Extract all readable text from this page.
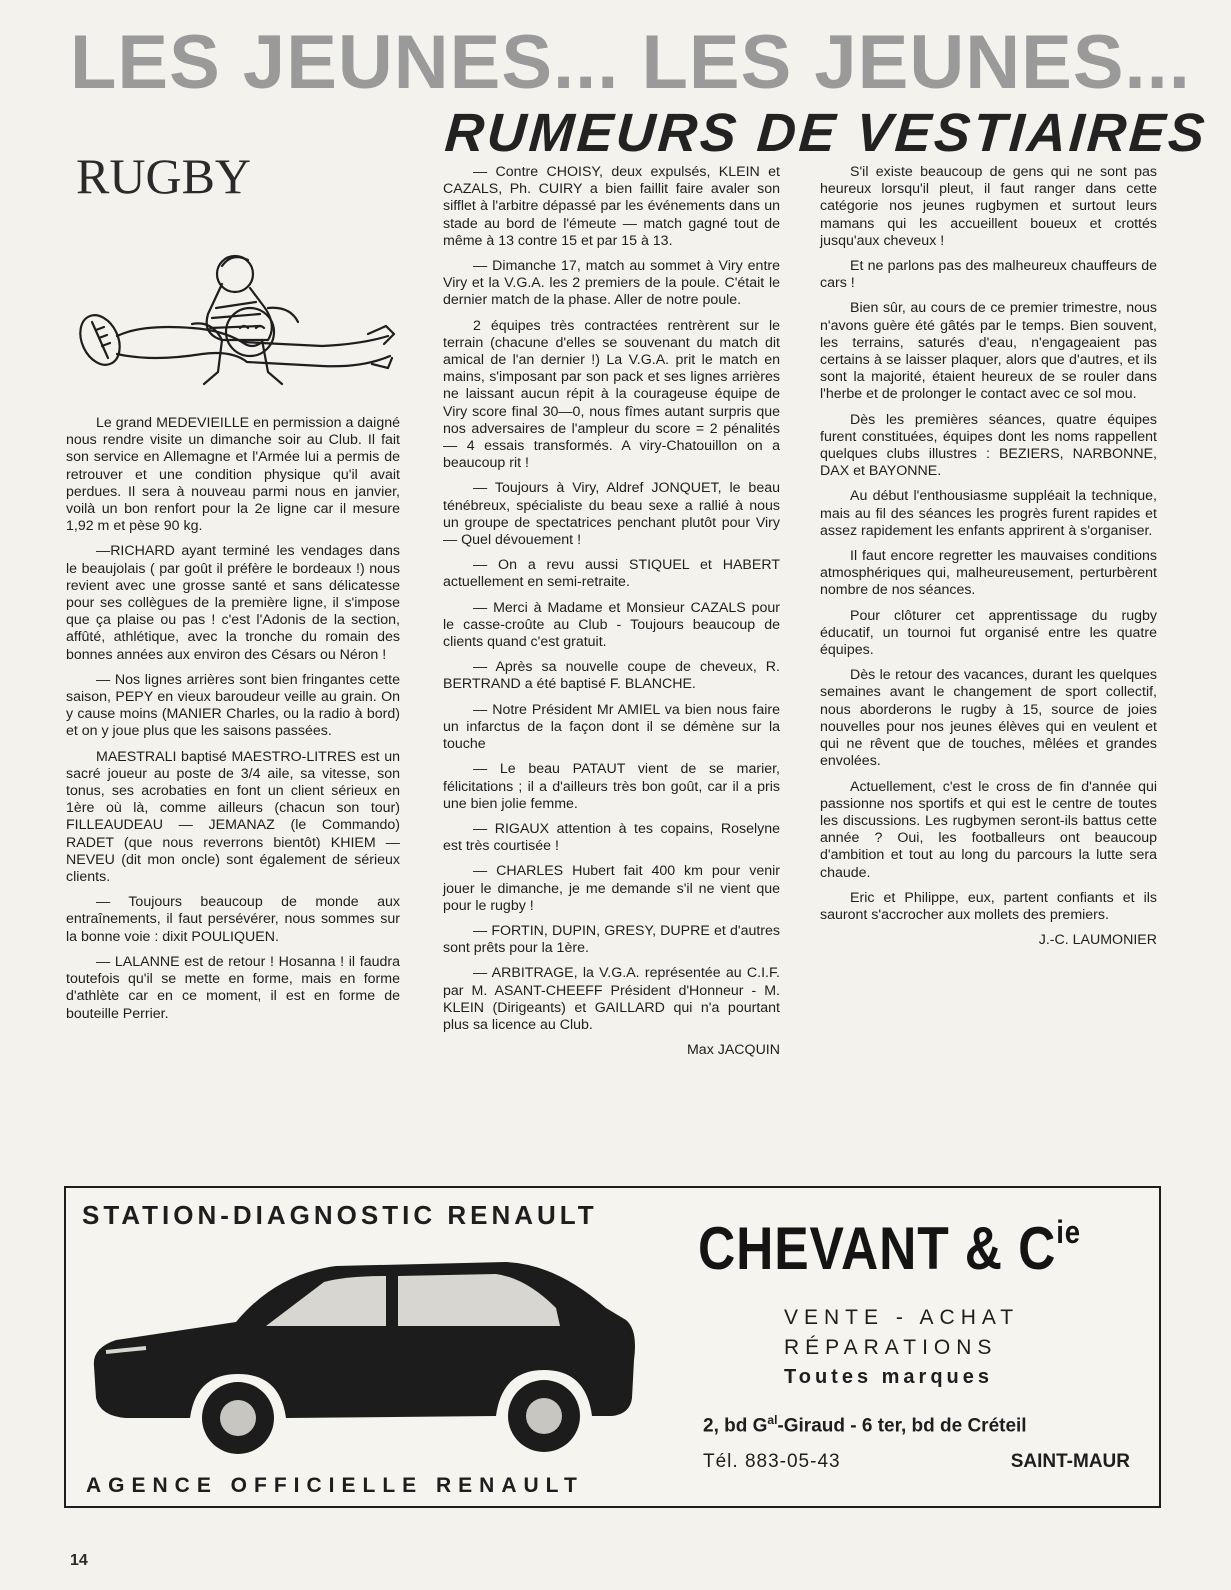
LES JEUNES... LES JEUNES...
RUMEURS DE VESTIAIRES
RUGBY

Le grand MEDEVIEILLE en permission a daigné nous rendre visite un dimanche soir au Club. Il fait son service en Allemagne et l'Armée lui a permis de retrouver et une condition physique qu'il avait perdues. Il sera à nouveau parmi nous en janvier, voilà un bon renfort pour la 2e ligne car il mesure 1,92 m et pèse 90 kg.

—RICHARD ayant terminé les vendages dans le beaujolais ( par goût il préfère le bordeaux !) nous revient avec une grosse santé et sans délicatesse pour ses collègues de la première ligne, il s'impose que ça plaise ou pas ! c'est l'Adonis de la section, affûté, athlétique, avec la tronche du romain des bonnes années aux environ des Césars ou Néron !

— Nos lignes arrières sont bien fringantes cette saison, PEPY en vieux baroudeur veille au grain. On y cause moins (MANIER Charles, ou la radio à bord) et on y joue plus que les saisons passées.

MAESTRALI baptisé MAESTRO-LITRES est un sacré joueur au poste de 3/4 aile, sa vitesse, son tonus, ses acrobaties en font un client sérieux en 1ère où là, comme ailleurs (chacun son tour) FILLEAUDEAU — JEMANAZ (le Commando) RADET (que nous reverrons bientôt) KHIEM — NEVEU (dit mon oncle) sont également de sérieux clients.

— Toujours beaucoup de monde aux entraînements, il faut persévérer, nous sommes sur la bonne voie : dixit POULIQUEN.

— LALANNE est de retour ! Hosanna ! il faudra toutefois qu'il se mette en forme, mais en forme d'athlète car en ce moment, il est en forme de bouteille Perrier.

— Contre CHOISY, deux expulsés, KLEIN et CAZALS, Ph. CUIRY a bien faillit faire avaler son sifflet à l'arbitre dépassé par les événements dans un stade au bord de l'émeute — match gagné tout de même à 13 contre 15 et par 15 à 13.

— Dimanche 17, match au sommet à Viry entre Viry et la V.G.A. les 2 premiers de la poule. C'était le dernier match de la phase. Aller de notre poule.

2 équipes très contractées rentrèrent sur le terrain (chacune d'elles se souvenant du match dit amical de l'an dernier !) La V.G.A. prit le match en mains, s'imposant par son pack et ses lignes arrières ne laissant aucun répit à la courageuse équipe de Viry score final 30—0, nous fîmes autant surpris que nos adversaires de l'ampleur du score = 2 pénalités — 4 essais transformés. A viry-Chatouillon on a beaucoup rit !

— Toujours à Viry, Aldref JONQUET, le beau ténébreux, spécialiste du beau sexe a rallié à nous un groupe de spectatrices penchant plutôt pour Viry — Quel dévouement !

— On a revu aussi STIQUEL et HABERT actuellement en semi-retraite.

— Merci à Madame et Monsieur CAZALS pour le casse-croûte au Club - Toujours beaucoup de clients quand c'est gratuit.

— Après sa nouvelle coupe de cheveux, R. BERTRAND a été baptisé F. BLANCHE.

— Notre Président Mr AMIEL va bien nous faire un infarctus de la façon dont il se démène sur la touche

— Le beau PATAUT vient de se marier, félicitations ; il a d'ailleurs très bon goût, car il a pris une bien jolie femme.

— RIGAUX attention à tes copains, Roselyne est très courtisée !

— CHARLES Hubert fait 400 km pour venir jouer le dimanche, je me demande s'il ne vient que pour le rugby !

— FORTIN, DUPIN, GRESY, DUPRE et d'autres sont prêts pour la 1ère.

— ARBITRAGE, la V.G.A. représentée au C.I.F. par M. ASANT-CHEEFF Président d'Honneur - M. KLEIN (Dirigeants) et GAILLARD qui n'a pourtant plus sa licence au Club.

Max JACQUIN

S'il existe beaucoup de gens qui ne sont pas heureux lorsqu'il pleut, il faut ranger dans cette catégorie nos jeunes rugbymen et surtout leurs mamans qui les accueillent boueux et crottés jusqu'aux cheveux !

Et ne parlons pas des malheureux chauffeurs de cars !

Bien sûr, au cours de ce premier trimestre, nous n'avons guère été gâtés par le temps. Bien souvent, les terrains, saturés d'eau, n'engageaient pas certains à se laisser plaquer, alors que d'autres, et ils sont la majorité, étaient heureux de se rouler dans l'herbe et de prolonger le contact avec ce sol mou.

Dès les premières séances, quatre équipes furent constituées, équipes dont les noms rappellent quelques clubs illustres : BEZIERS, NARBONNE, DAX et BAYONNE.

Au début l'enthousiasme suppléait la technique, mais au fil des séances les progrès furent rapides et assez rapidement les enfants apprirent à s'organiser.

Il faut encore regretter les mauvaises conditions atmosphériques qui, malheureusement, perturbèrent nombre de nos séances.

Pour clôturer cet apprentissage du rugby éducatif, un tournoi fut organisé entre les quatre équipes.

Dès le retour des vacances, durant les quelques semaines avant le changement de sport collectif, nous aborderons le rugby à 15, source de joies nouvelles pour nos jeunes élèves qui en veulent et qui ne rêvent que de touches, mêlées et grandes envolées.

Actuellement, c'est le cross de fin d'année qui passionne nos sportifs et qui est le centre de toutes les discussions. Les rugbymen seront-ils battus cette année ? Oui, les footballeurs ont beaucoup d'ambition et tout au long du parcours la lutte sera chaude.

Eric et Philippe, eux, partent confiants et ils sauront s'accrocher aux mollets des premiers.

J.-C. LAUMONIER

STATION-DIAGNOSTIC RENAULT
AGENCE OFFICIELLE RENAULT
CHEVANT & $C^{ie}$
VENTE - ACHAT
RÉPARATIONS
Toutes marques
2, bd $G^{al}$-Giraud - 6 ter, bd de Créteil
Tél. 883-05-43	SAINT-MAUR
14
